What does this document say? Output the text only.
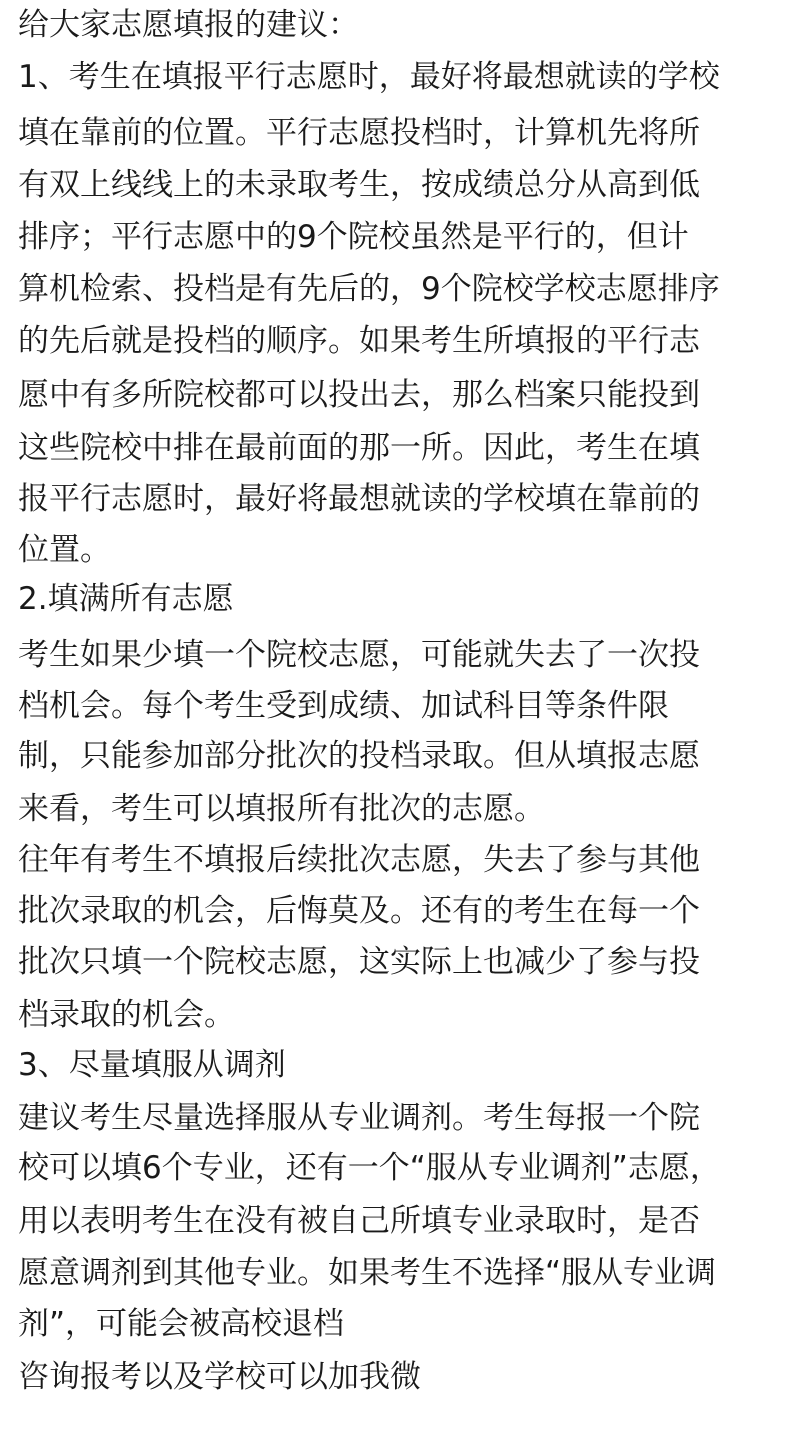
给大家志愿填报的建议：
1、考生在填报平行志愿时，最好将最想就读的学校
填在靠前的位置。平行志愿投档时，计算机先将所
有双上线线上的未录取考生，按成绩总分从高到低
排序；平行志愿中的9个院校虽然是平行的，但计
算机检索、投档是有先后的，9个院校学校志愿排序
的先后就是投档的顺序。如果考生所填报的平行志
愿中有多所院校都可以投出去，那么档案只能投到
这些院校中排在最前面的那一所。因此，考生在填
报平行志愿时，最好将最想就读的学校填在靠前的
位置。
2.填满所有志愿
考生如果少填一个院校志愿，可能就失去了一次投
档机会。每个考生受到成绩、加试科目等条件限
制，只能参加部分批次的投档录取。但从填报志愿
来看，考生可以填报所有批次的志愿。
往年有考生不填报后续批次志愿，失去了参与其他
批次录取的机会，后悔莫及。还有的考生在每一个
批次只填一个院校志愿，这实际上也减少了参与投
档录取的机会。
3、尽量填服从调剂
建议考生尽量选择服从专业调剂。考生每报一个院
校可以填6个专业，还有一个“服从专业调剂”志愿，
用以表明考生在没有被自己所填专业录取时，是否
愿意调剂到其他专业。如果考生不选择“服从专业调
剂”，可能会被高校退档
咨询报考以及学校可以加我微
